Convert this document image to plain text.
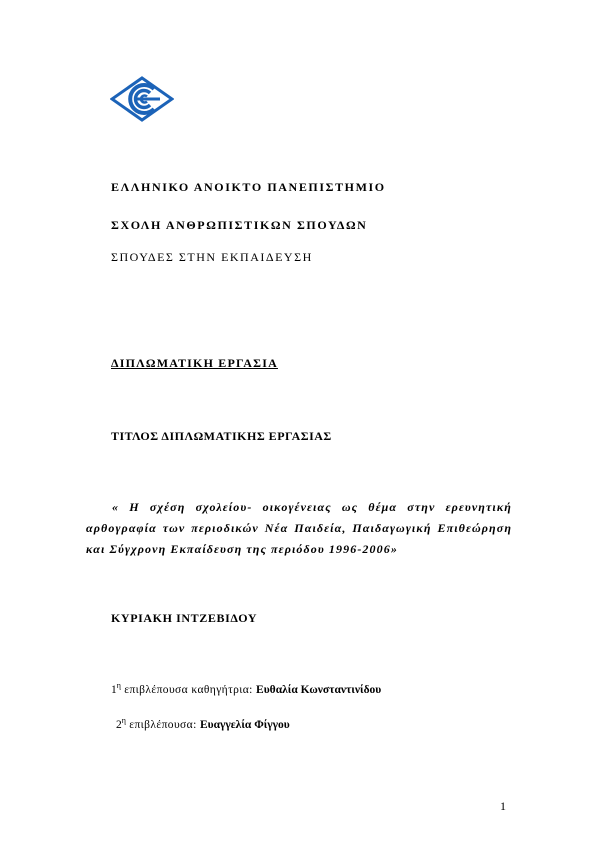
ΕΛΛΗΝΙΚΟ ΑΝΟΙΚΤΟ ΠΑΝΕΠΙΣΤΗΜΙΟ
ΣΧΟΛΗ ΑΝΘΡΩΠΙΣΤΙΚΩΝ ΣΠΟΥΔΩΝ
ΣΠΟΥΔΕΣ ΣΤΗΝ ΕΚΠΑΙΔΕΥΣΗ
ΔΙΠΛΩΜΑΤΙΚΗ ΕΡΓΑΣΙΑ
ΤΙΤΛΟΣ ΔΙΠΛΩΜΑΤΙΚΗΣ ΕΡΓΑΣΙΑΣ
« Η σχέση σχολείου- οικογένειας ως θέμα στην ερευνητική
αρθογραφία των περιοδικών Νέα Παιδεία, Παιδαγωγική Επιθεώρηση
και Σύγχρονη Εκπαίδευση της περιόδου 1996-2006»
ΚΥΡΙΑΚΗ ΙΝΤΖΕΒΙΔΟΥ
$1^\eta$ επιβλέπουσα καθηγήτρια: Ευθαλία Κωνσταντινίδου
$2^\eta$ επιβλέπουσα: Ευαγγελία Φίγγου
1
